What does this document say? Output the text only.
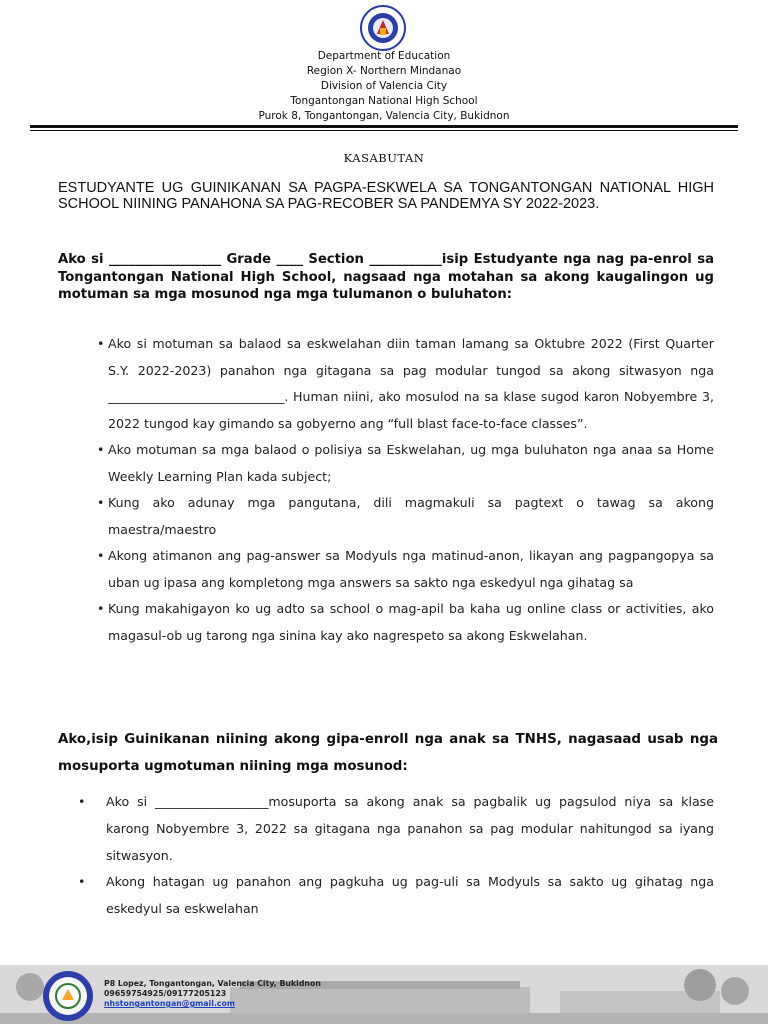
Department of Education
Region X- Northern Mindanao
Division of Valencia City
Tongantongan National High School
Purok 8, Tongantongan, Valencia City, Bukidnon
KASABUTAN
ESTUDYANTE UG GUINIKANAN SA PAGPA-ESKWELA SA TONGANTONGAN NATIONAL HIGH SCHOOL NIINING PANAHONA SA PAG-RECOBER SA PANDEMYA SY 2022-2023.
Ako si _________________ Grade ____ Section ___________isip Estudyante nga nag pa-enrol sa Tongantongan National High School, nagsaad nga motahan sa akong kaugalingon ug motuman sa mga mosunod nga mga tulumanon o buluhaton:
• Ako si motuman sa balaod sa eskwelahan diin taman lamang sa Oktubre 2022 (First Quarter S.Y. 2022-2023) panahon nga gitagana sa pag modular tungod sa akong sitwasyon nga ____________________________. Human niini, ako mosulod na sa klase sugod karon Nobyembre 3, 2022 tungod kay gimando sa gobyerno ang “full blast face-to-face classes”.
• Ako motuman sa mga balaod o polisiya sa Eskwelahan, ug mga buluhaton nga anaa sa Home Weekly Learning Plan kada subject;
• Kung ako adunay mga pangutana, dili magmakuli sa pagtext o tawag sa akong maestra/maestro
• Akong atimanon ang pag-answer sa Modyuls nga matinud-anon, likayan ang pagpangopya sa uban ug ipasa ang kompletong mga answers sa sakto nga eskedyul nga gihatag sa
• Kung makahigayon ko ug adto sa school o mag-apil ba kaha ug online class or activities, ako magasul-ob ug tarong nga sinina kay ako nagrespeto sa akong Eskwelahan.
Ako,isip Guinikanan niining akong gipa-enroll nga anak sa TNHS, nagasaad usab nga mosuporta ugmotuman niining mga mosunod:
• Ako si __________________mosuporta sa akong anak sa pagbalik ug pagsulod niya sa klase karong Nobyembre 3, 2022 sa gitagana nga panahon sa pag modular nahitungod sa iyang sitwasyon.
• Akong hatagan ug panahon ang pagkuha ug pag-uli sa Modyuls sa sakto ug gihatag nga eskedyul sa eskwelahan
P8 Lopez, Tongantongan, Valencia City, Bukidnon
09659754925/09177205123
nhstongantongan@gmail.com
